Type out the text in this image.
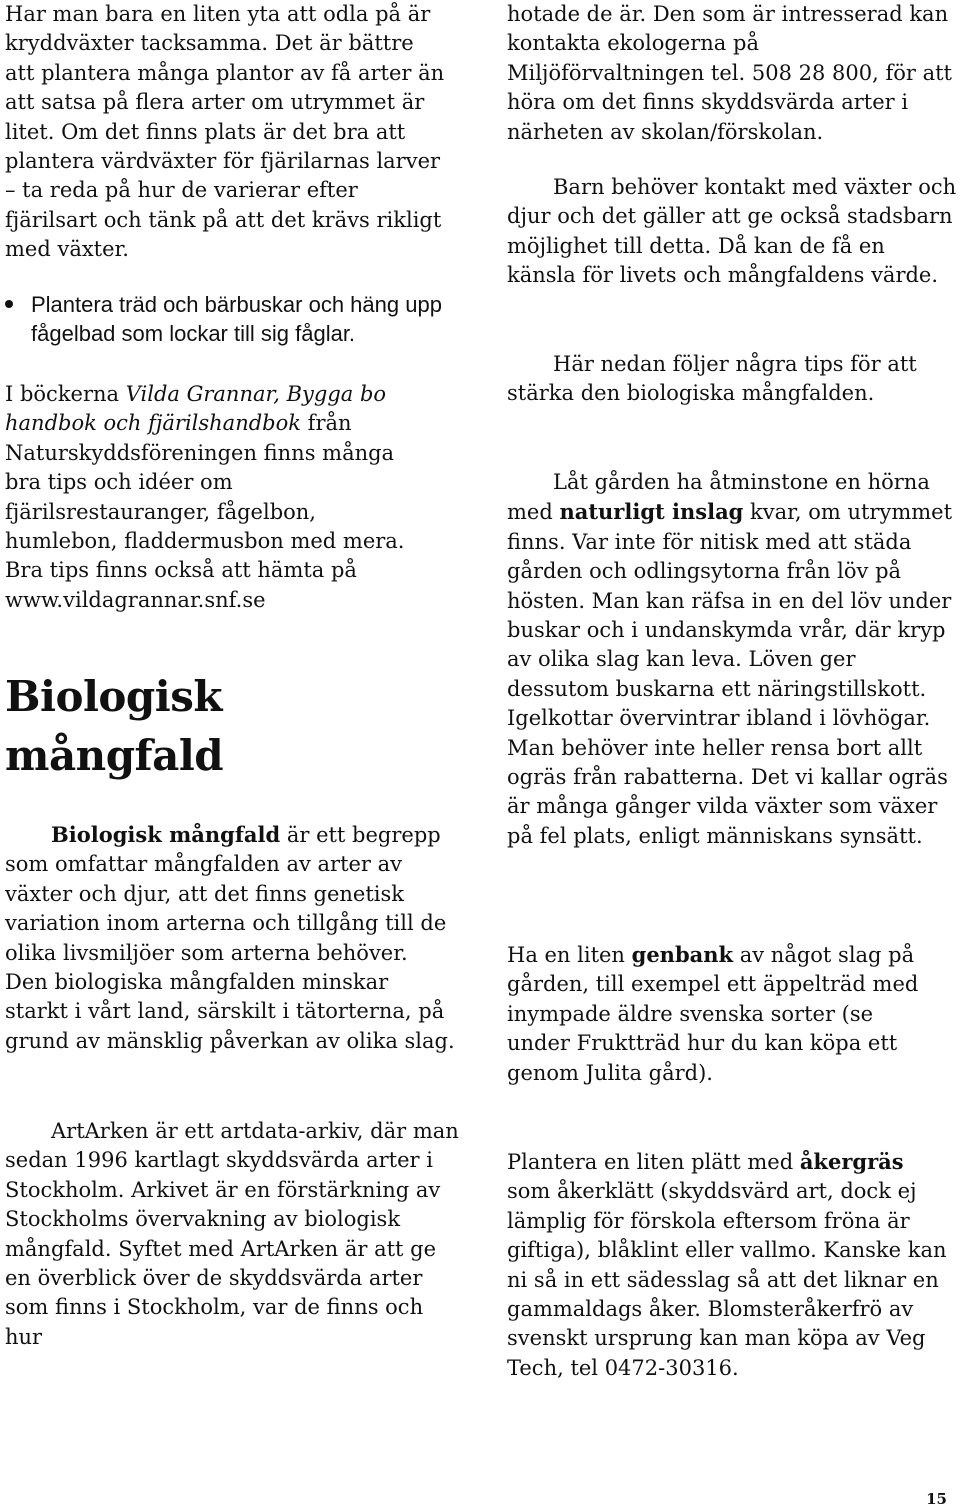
Har man bara en liten yta att odla på är kryddväxter tacksamma. Det är bättre att plantera många plantor av få arter än att satsa på flera arter om utrymmet är litet. Om det finns plats är det bra att plantera värdväxter för fjärilarnas larver – ta reda på hur de varierar efter fjärilsart och tänk på att det krävs rikligt med växter.

Plantera träd och bärbuskar och häng upp fågelbad som lockar till sig fåglar.

I böckerna Vilda Grannar, Bygga bo handbok och fjärilshandbok från Naturskyddsföreningen finns många bra tips och idéer om fjärilsrestauranger, fågelbon, humlebon, fladdermusbon med mera. Bra tips finns också att hämta på www.vildagrannar.snf.se

Biologisk
mångfald

Biologisk mångfald är ett begrepp som omfattar mångfalden av arter av växter och djur, att det finns genetisk variation inom arterna och tillgång till de olika livsmiljöer som arterna behöver. Den biologiska mångfalden minskar starkt i vårt land, särskilt i tätorterna, på grund av mänsklig påverkan av olika slag.

ArtArken är ett artdata-arkiv, där man sedan 1996 kartlagt skyddsvärda arter i Stockholm. Arkivet är en förstärkning av Stockholms övervakning av biologisk mångfald. Syftet med ArtArken är att ge en överblick över de skyddsvärda arter som finns i Stockholm, var de finns och hur

hotade de är. Den som är intresserad kan kontakta ekologerna på Miljöförvaltningen tel. 508 28 800, för att höra om det finns skyddsvärda arter i närheten av skolan/förskolan.

Barn behöver kontakt med växter och djur och det gäller att ge också stadsbarn möjlighet till detta. Då kan de få en känsla för livets och mångfaldens värde.

Här nedan följer några tips för att stärka den biologiska mångfalden.

Låt gården ha åtminstone en hörna med naturligt inslag kvar, om utrymmet finns. Var inte för nitisk med att städa gården och odlingsytorna från löv på hösten. Man kan räfsa in en del löv under buskar och i undanskymda vrår, där kryp av olika slag kan leva. Löven ger dessutom buskarna ett näringstillskott. Igelkottar övervintrar ibland i lövhögar. Man behöver inte heller rensa bort allt ogräs från rabatterna. Det vi kallar ogräs är många gånger vilda växter som växer på fel plats, enligt människans synsätt.

Ha en liten genbank av något slag på gården, till exempel ett äppelträd med inympade äldre svenska sorter (se under Fruktträd hur du kan köpa ett genom Julita gård).

Plantera en liten plätt med åkergräs som åkerklätt (skyddsvärd art, dock ej lämplig för förskola eftersom fröna är giftiga), blåklint eller vallmo. Kanske kan ni så in ett sädesslag så att det liknar en gammaldags åker. Blomsteråkerfrö av svenskt ursprung kan man köpa av Veg Tech, tel 0472-30316.

15
